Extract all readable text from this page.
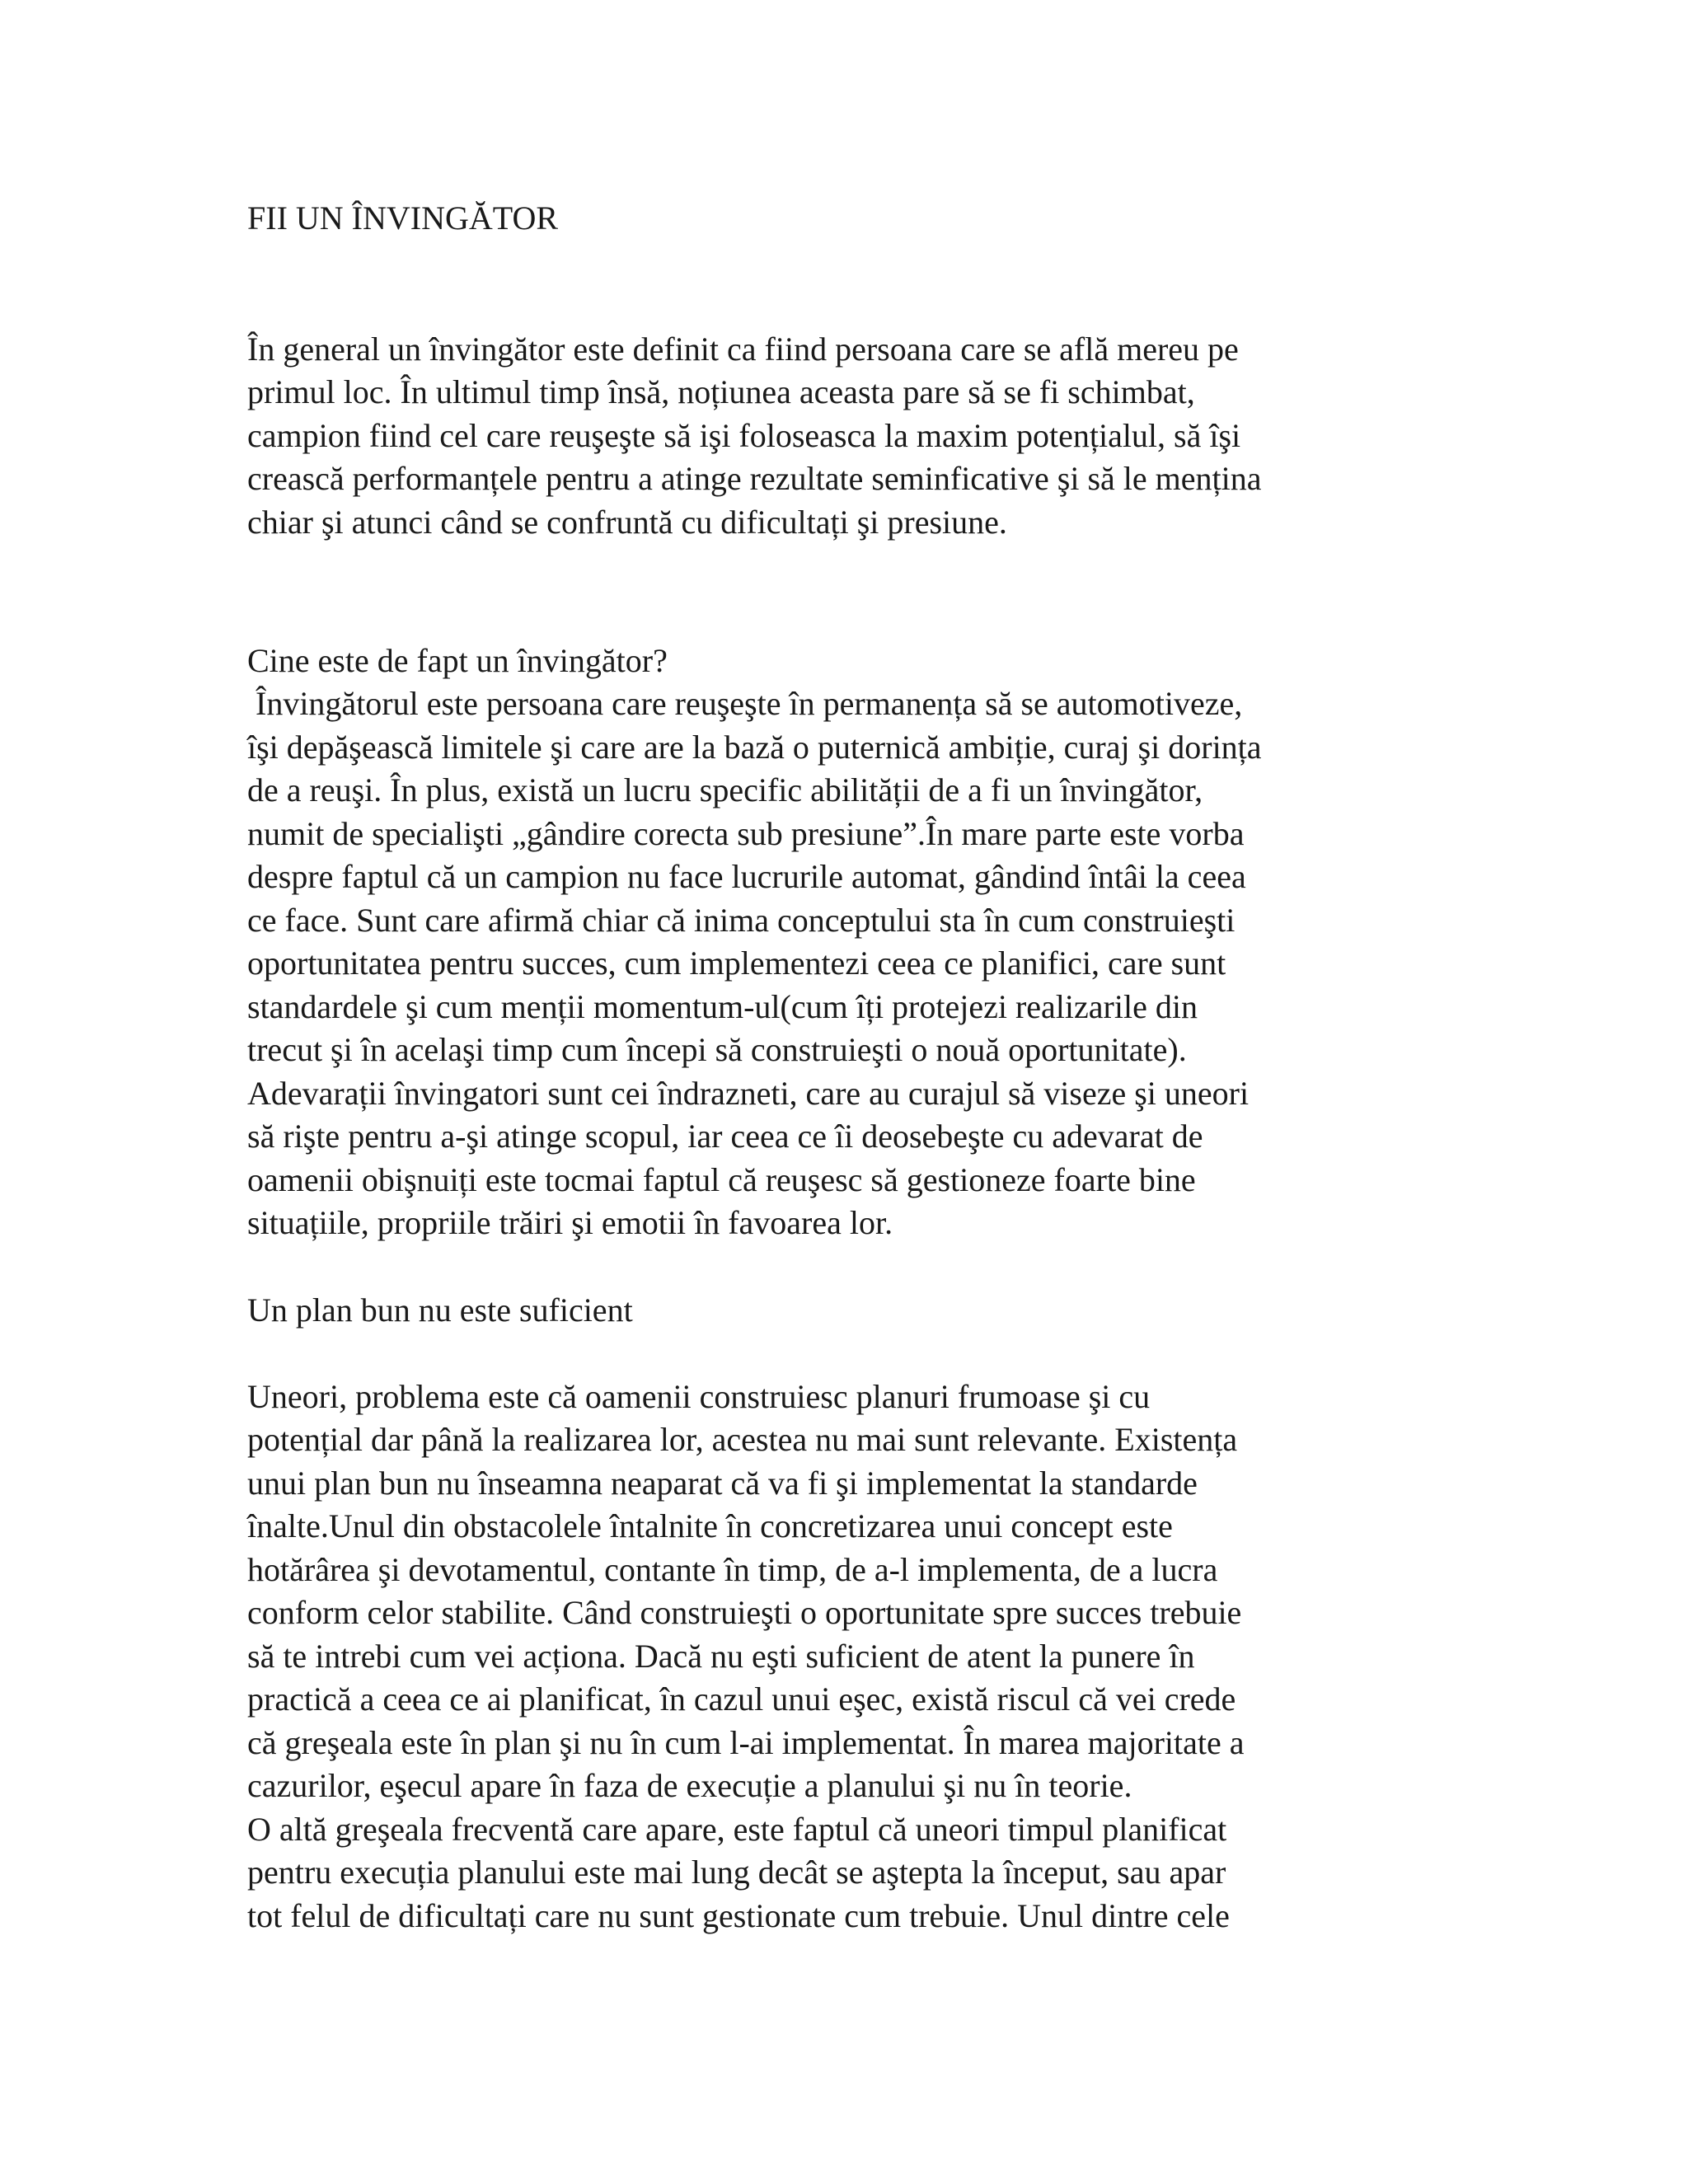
FII UN ÎNVINGĂTOR

În general un învingător este definit ca fiind persoana care se află mereu pe

primul loc. În ultimul timp însă, noțiunea aceasta pare să se fi schimbat,

campion fiind cel care reuşeşte să işi foloseasca la maxim potențialul, să îşi

crească performanțele pentru a atinge rezultate seminficative şi să le mențina

chiar şi atunci când se confruntă cu dificultați şi presiune.

Cine este de fapt un învingător?

Învingătorul este persoana care reuşeşte în permanența să se automotiveze,

îşi depăşească limitele şi care are la bază o puternică ambiție, curaj şi dorința

de a reuşi. În plus, există un lucru specific abilității de a fi un învingător,

numit de specialişti „gândire corecta sub presiune”.În mare parte este vorba

despre faptul că un campion nu face lucrurile automat, gândind întâi la ceea

ce face. Sunt care afirmă chiar că inima conceptului sta în cum construieşti

oportunitatea pentru succes, cum implementezi ceea ce planifici, care sunt

standardele şi cum menții momentum-ul(cum îți protejezi realizarile din

trecut şi în acelaşi timp cum începi să construieşti o nouă oportunitate).

Adevarații învingatori sunt cei îndrazneti, care au curajul să viseze şi uneori

să rişte pentru a-şi atinge scopul, iar ceea ce îi deosebeşte cu adevarat de

oamenii obişnuiți este tocmai faptul că reuşesc să gestioneze foarte bine

situațiile, propriile trăiri şi emotii în favoarea lor.

Un plan bun nu este suficient

Uneori, problema este că oamenii construiesc planuri frumoase şi cu

potențial dar până la realizarea lor, acestea nu mai sunt relevante. Existența

unui plan bun nu înseamna neaparat că va fi şi implementat la standarde

înalte.Unul din obstacolele întalnite în concretizarea unui concept este

hotărârea şi devotamentul, contante în timp, de a-l implementa, de a lucra

conform celor stabilite. Când construieşti o oportunitate spre succes trebuie

să te intrebi cum vei acționa. Dacă nu eşti suficient de atent la punere în

practică a ceea ce ai planificat, în cazul unui eşec, există riscul că vei crede

că greşeala este în plan şi nu în cum l-ai implementat. În marea majoritate a

cazurilor, eşecul apare în faza de execuție a planului şi nu în teorie.

O altă greşeala frecventă care apare, este faptul că uneori timpul planificat

pentru execuția planului este mai lung decât se aştepta la început, sau apar

tot felul de dificultați care nu sunt gestionate cum trebuie. Unul dintre cele
